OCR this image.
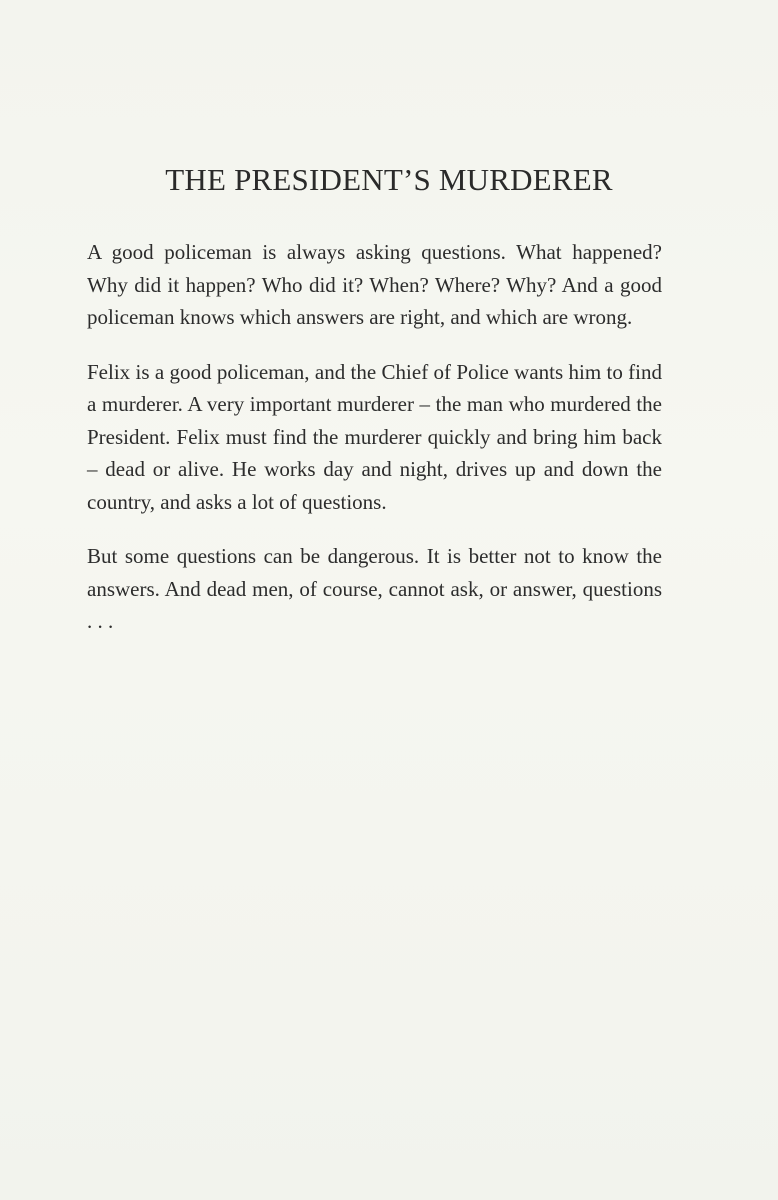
THE PRESIDENT’S MURDERER

A good policeman is always asking questions. What happened? Why did it happen? Who did it? When? Where? Why? And a good policeman knows which answers are right, and which are wrong.

Felix is a good policeman, and the Chief of Police wants him to find a murderer. A very important murderer – the man who murdered the President. Felix must find the murderer quickly and bring him back – dead or alive. He works day and night, drives up and down the country, and asks a lot of questions.

But some questions can be dangerous. It is better not to know the answers. And dead men, of course, cannot ask, or answer, questions . . .
